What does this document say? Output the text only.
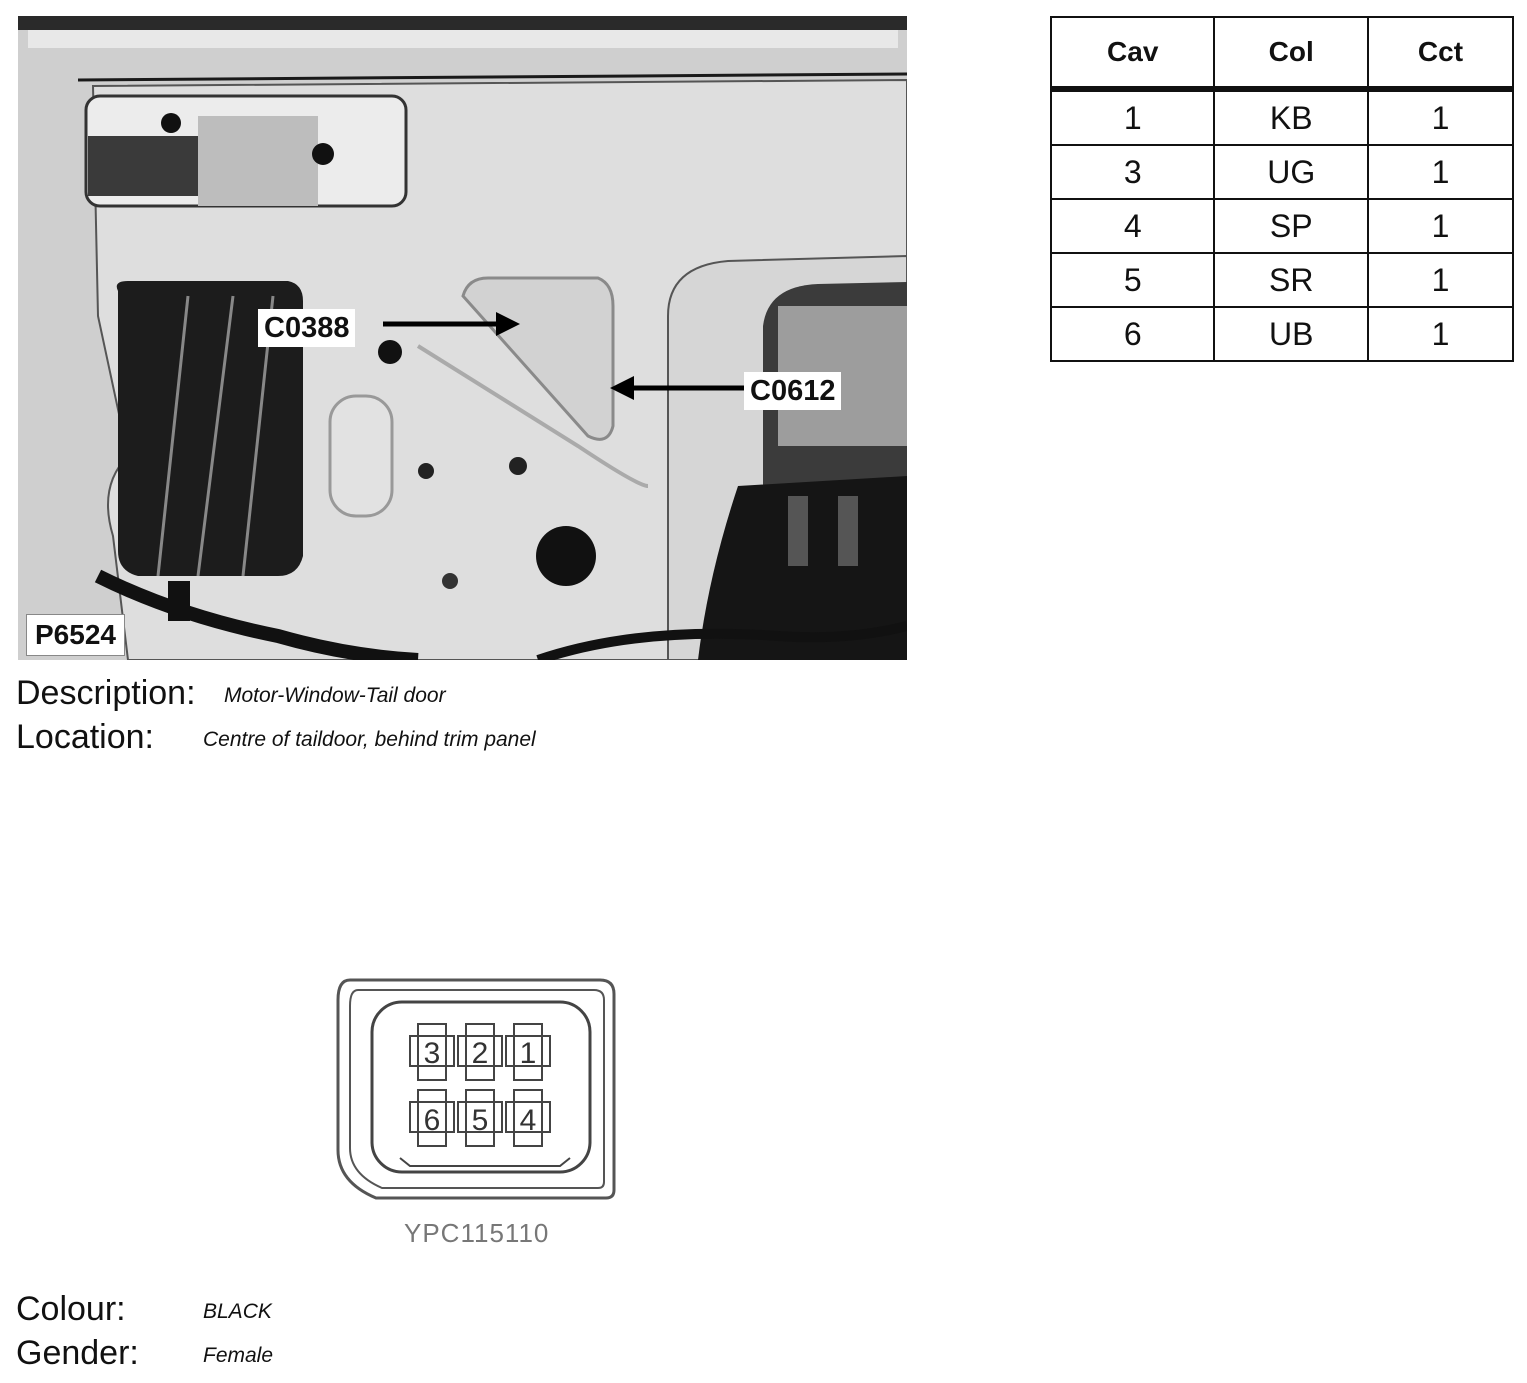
C0388
C0612
P6524
Cav	Col	Cct
1	KB	1
3	UG	1
4	SP	1
5	SR	1
6	UB	1
Description: Motor-Window-Tail door
Location: Centre of taildoor, behind trim panel
3 2 1
6 5 4
YPC115110
Colour:	BLACK
Gender:	Female
